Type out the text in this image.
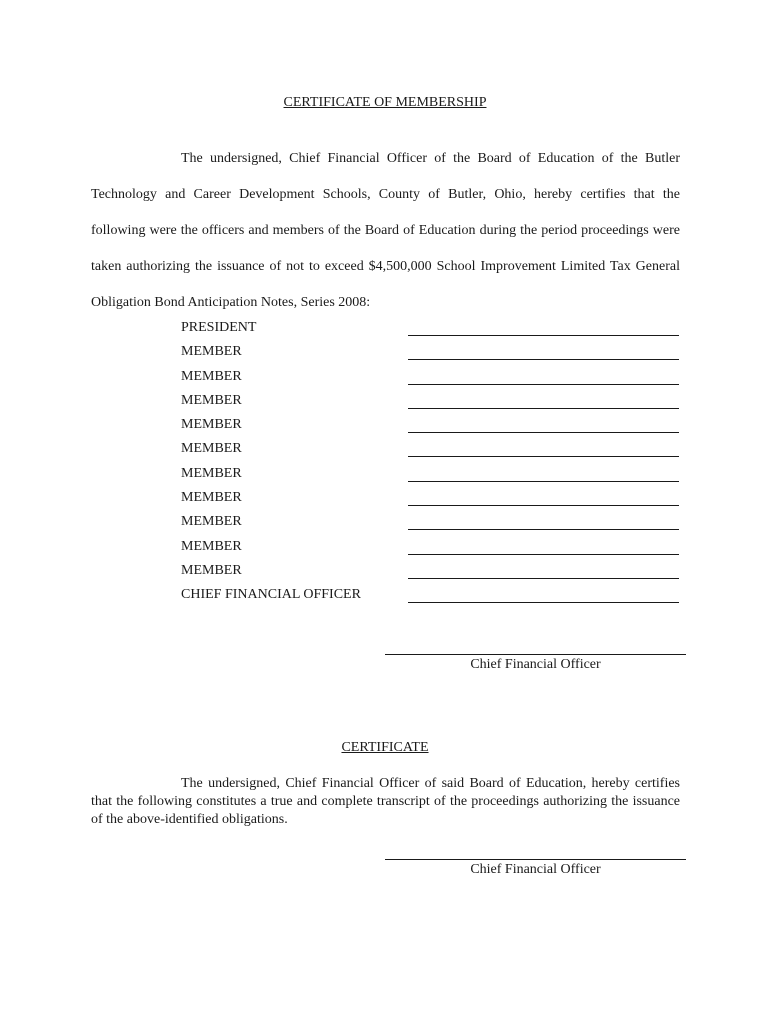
CERTIFICATE OF MEMBERSHIP
The undersigned, Chief Financial Officer of the Board of Education of the Butler Technology and Career Development Schools, County of Butler, Ohio, hereby certifies that the following were the officers and members of the Board of Education during the period proceedings were taken authorizing the issuance of not to exceed $4,500,000 School Improvement Limited Tax General Obligation Bond Anticipation Notes, Series 2008:
PRESIDENT
MEMBER
MEMBER
MEMBER
MEMBER
MEMBER
MEMBER
MEMBER
MEMBER
MEMBER
MEMBER
CHIEF FINANCIAL OFFICER
Chief Financial Officer
CERTIFICATE
The undersigned, Chief Financial Officer of said Board of Education, hereby certifies that the following constitutes a true and complete transcript of the proceedings authorizing the issuance of the above-identified obligations.
Chief Financial Officer
